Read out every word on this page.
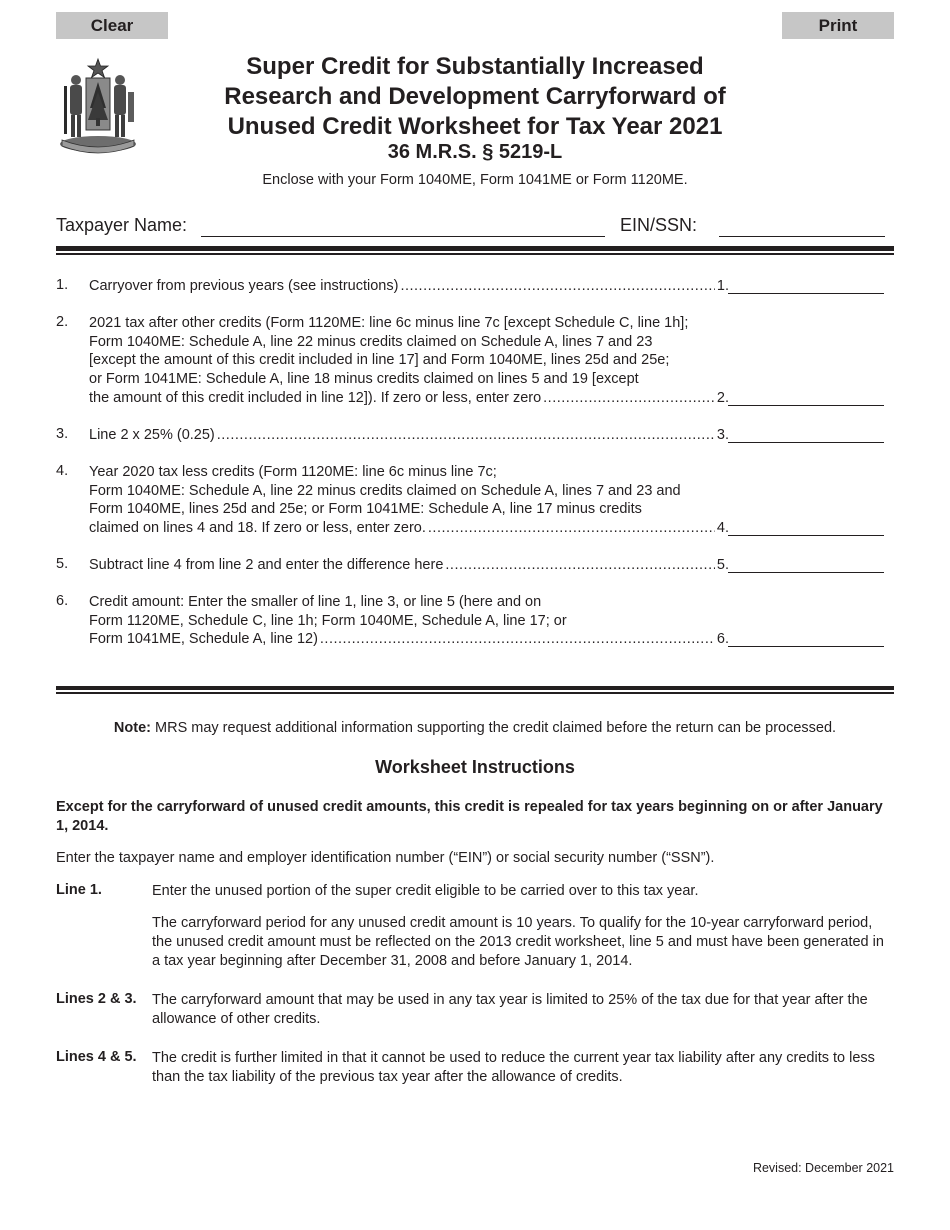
Clear	Print
Super Credit for Substantially Increased
Research and Development Carryforward of
Unused Credit Worksheet for Tax Year 2021
36 M.R.S. § 5219-L
Enclose with your Form 1040ME, Form 1041ME or Form 1120ME.
Taxpayer Name:	EIN/SSN:
1. Carryover from previous years (see instructions) .....	1.
2. 2021 tax after other credits (Form 1120ME: line 6c minus line 7c [except Schedule C, line 1h];
Form 1040ME: Schedule A, line 22 minus credits claimed on Schedule A, lines 7 and 23
[except the amount of this credit included in line 17] and Form 1040ME, lines 25d and 25e;
or Form 1041ME: Schedule A, line 18 minus credits claimed on lines 5 and 19 [except
the amount of this credit included in line 12]). If zero or less, enter zero .....	2.
3. Line 2 x 25% (0.25) .....	3.
4. Year 2020 tax less credits (Form 1120ME: line 6c minus line 7c;
Form 1040ME: Schedule A, line 22 minus credits claimed on Schedule A, lines 7 and 23 and
Form 1040ME, lines 25d and 25e; or Form 1041ME: Schedule A, line 17 minus credits
claimed on lines 4 and 18. If zero or less, enter zero. .....	4.
5. Subtract line 4 from line 2 and enter the difference here .....	5.
6. Credit amount: Enter the smaller of line 1, line 3, or line 5 (here and on
Form 1120ME, Schedule C, line 1h; Form 1040ME, Schedule A, line 17; or
Form 1041ME, Schedule A, line 12) .....	6.
Note: MRS may request additional information supporting the credit claimed before the return can be processed.
Worksheet Instructions
Except for the carryforward of unused credit amounts, this credit is repealed for tax years beginning on or after January 1, 2014.
Enter the taxpayer name and employer identification number (“EIN”) or social security number (“SSN”).
Line 1.	Enter the unused portion of the super credit eligible to be carried over to this tax year.
The carryforward period for any unused credit amount is 10 years. To qualify for the 10-year carryforward period, the unused credit amount must be reflected on the 2013 credit worksheet, line 5 and must have been generated in a tax year beginning after December 31, 2008 and before January 1, 2014.
Lines 2 & 3. The carryforward amount that may be used in any tax year is limited to 25% of the tax due for that year after the allowance of other credits.
Lines 4 & 5. The credit is further limited in that it cannot be used to reduce the current year tax liability after any credits to less than the tax liability of the previous tax year after the allowance of credits.
Revised: December 2021
